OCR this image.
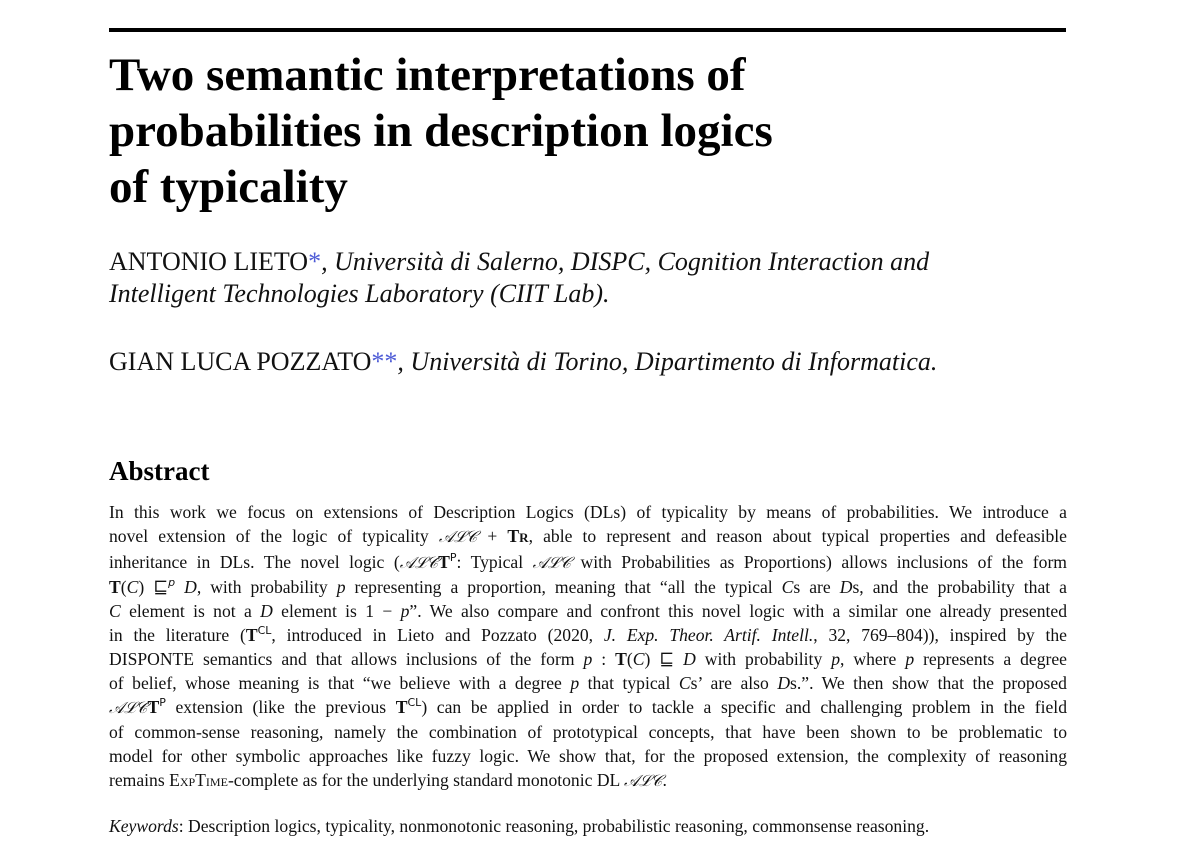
Two semantic interpretations of
probabilities in description logics
of typicality
ANTONIO LIETO*, Università di Salerno, DISPC, Cognition Interaction and
Intelligent Technologies Laboratory (CIIT Lab).
GIAN LUCA POZZATO**, Università di Torino, Dipartimento di Informatica.
Abstract
In this work we focus on extensions of Description Logics (DLs) of typicality by means of probabilities. We introduce a
novel extension of the logic of typicality 𝒜ℒ𝒞 + TR, able to represent and reason about typical properties and defeasible
inheritance in DLs. The novel logic (𝒜ℒ𝒞T$^P$: Typical 𝒜ℒ𝒞 with Probabilities as Proportions) allows inclusions of the form
T(C) ⊑$^p$ D, with probability p representing a proportion, meaning that “all the typical Cs are Ds, and the probability that a
C element is not a D element is 1 − p”. We also compare and confront this novel logic with a similar one already presented
in the literature ($T^{CL}$, introduced in Lieto and Pozzato (2020, J. Exp. Theor. Artif. Intell., 32, 769–804)), inspired by the
DISPONTE semantics and that allows inclusions of the form p : T(C) ⊑ D with probability p, where p represents a degree
of belief, whose meaning is that “we believe with a degree p that typical Cs’ are also Ds.”. We then show that the proposed
𝒜ℒ𝒞T$^P$ extension (like the previous $T^{CL}$) can be applied in order to tackle a specific and challenging problem in the field
of common-sense reasoning, namely the combination of prototypical concepts, that have been shown to be problematic to
model for other symbolic approaches like fuzzy logic. We show that, for the proposed extension, the complexity of reasoning
remains ExpTime-complete as for the underlying standard monotonic DL 𝒜ℒ𝒞.
Keywords: Description logics, typicality, nonmonotonic reasoning, probabilistic reasoning, commonsense reasoning.
